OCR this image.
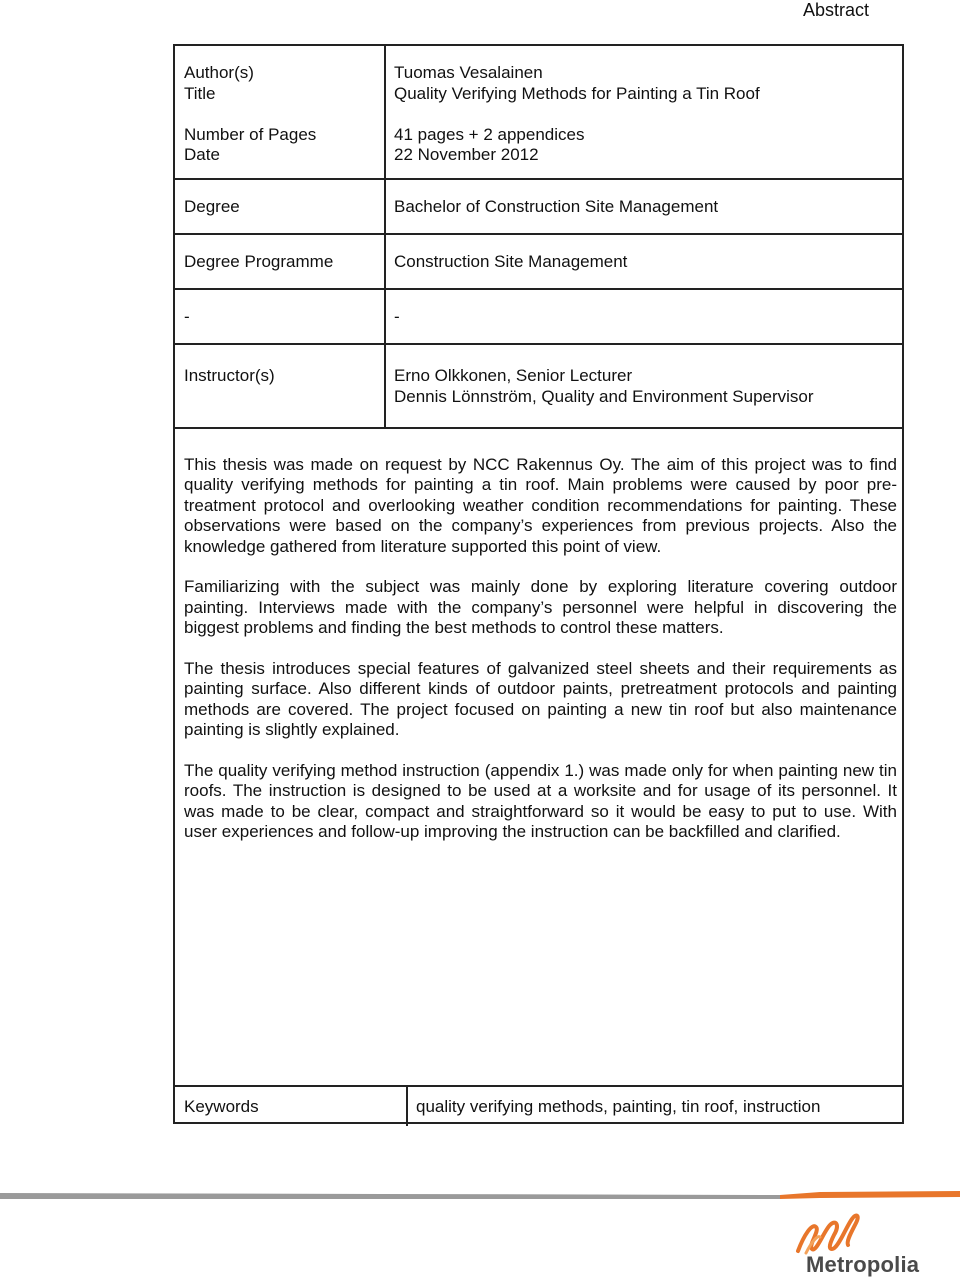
Abstract
Author(s)	Tuomas Vesalainen
Title	Quality Verifying Methods for Painting a Tin Roof
Number of Pages	41 pages + 2 appendices
Date	22 November 2012
Degree	Bachelor of Construction Site Management
Degree Programme	Construction Site Management
-	-
Instructor(s)	Erno Olkkonen, Senior Lecturer
Dennis Lönnström, Quality and Environment Supervisor

This thesis was made on request by NCC Rakennus Oy. The aim of this project was to find quality verifying methods for painting a tin roof. Main problems were caused by poor pre-treatment protocol and overlooking weather condition recommendations for painting. These observations were based on the company’s experiences from previous projects. Also the knowledge gathered from literature supported this point of view.

Familiarizing with the subject was mainly done by exploring literature covering outdoor painting. Interviews made with the company’s personnel were helpful in discovering the biggest problems and finding the best methods to control these matters.

The thesis introduces special features of galvanized steel sheets and their requirements as painting surface. Also different kinds of outdoor paints, pretreatment protocols and painting methods are covered. The project focused on painting a new tin roof but also maintenance painting is slightly explained.

The quality verifying method instruction (appendix 1.) was made only for when painting new tin roofs. The instruction is designed to be used at a worksite and for usage of its personnel. It was made to be clear, compact and straightforward so it would be easy to put to use. With user experiences and follow-up improving the instruction can be backfilled and clarified.

Keywords	quality verifying methods, painting, tin roof, instruction
Metropolia
